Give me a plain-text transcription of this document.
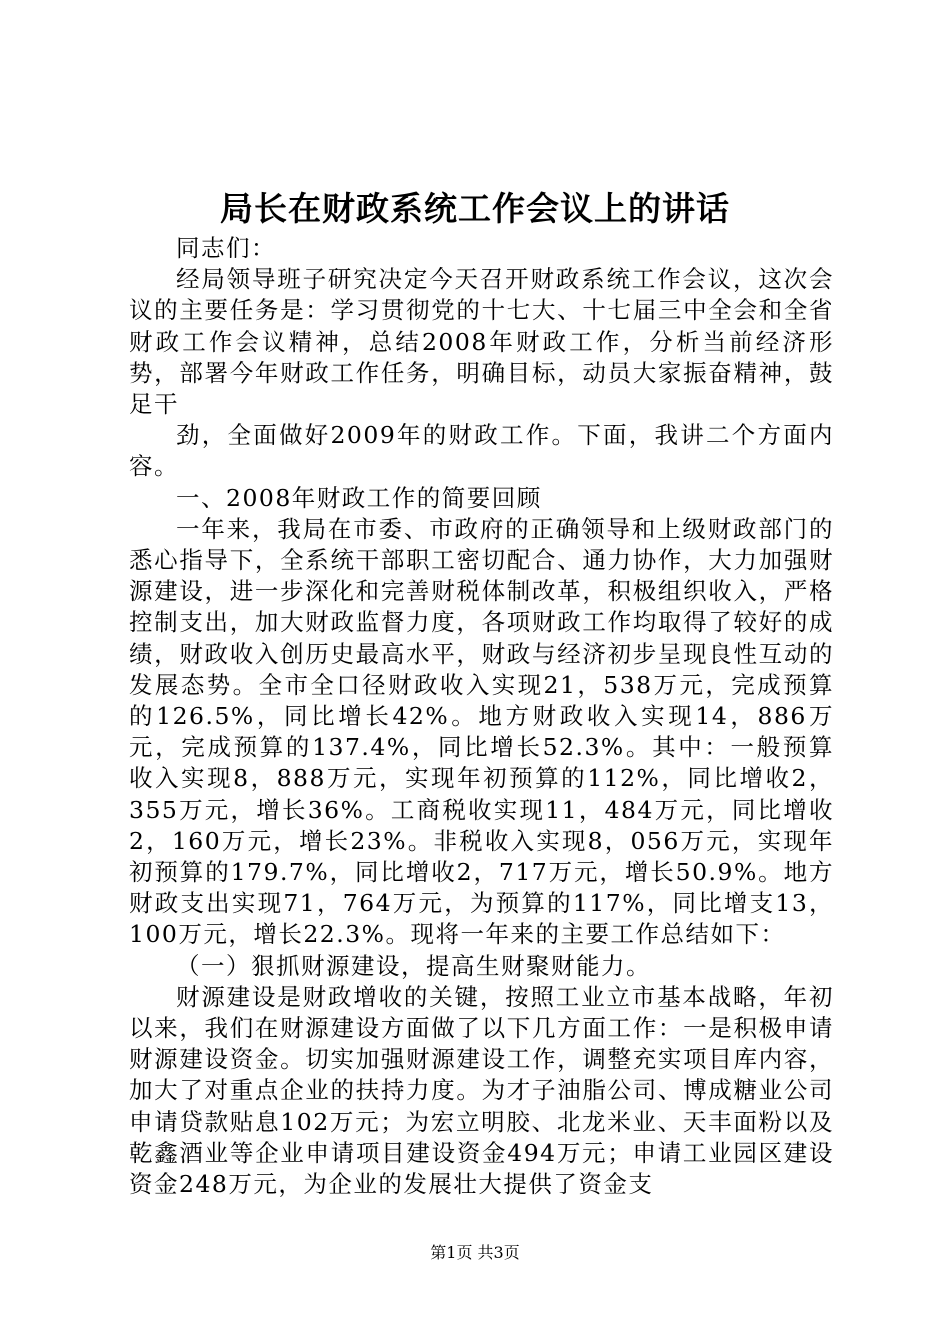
局长在财政系统工作会议上的讲话

同志们：

经局领导班子研究决定今天召开财政系统工作会议，这次会议的主要任务是：学习贯彻党的十七大、十七届三中全会和全省财政工作会议精神，总结2008年财政工作，分析当前经济形势，部署今年财政工作任务，明确目标，动员大家振奋精神，鼓足干

劲，全面做好2009年的财政工作。下面，我讲二个方面内容。

一、2008年财政工作的简要回顾

一年来，我局在市委、市政府的正确领导和上级财政部门的悉心指导下，全系统干部职工密切配合、通力协作，大力加强财源建设，进一步深化和完善财税体制改革，积极组织收入，严格控制支出，加大财政监督力度，各项财政工作均取得了较好的成绩，财政收入创历史最高水平，财政与经济初步呈现良性互动的发展态势。全市全口径财政收入实现21，538万元，完成预算的126.5%，同比增长42%。地方财政收入实现14，886万元，完成预算的137.4%，同比增长52.3%。其中：一般预算收入实现8，888万元，实现年初预算的112%，同比增收2，355万元，增长36%。工商税收实现11，484万元，同比增收2，160万元，增长23%。非税收入实现8，056万元，实现年初预算的179.7%，同比增收2，717万元，增长50.9%。地方财政支出实现71，764万元，为预算的117%，同比增支13，100万元，增长22.3%。现将一年来的主要工作总结如下：

（一）狠抓财源建设，提高生财聚财能力。

财源建设是财政增收的关键，按照工业立市基本战略，年初以来，我们在财源建设方面做了以下几方面工作：一是积极申请财源建设资金。切实加强财源建设工作，调整充实项目库内容，加大了对重点企业的扶持力度。为才子油脂公司、博成糖业公司申请贷款贴息102万元；为宏立明胶、北龙米业、天丰面粉以及乾鑫酒业等企业申请项目建设资金494万元；申请工业园区建设资金248万元，为企业的发展壮大提供了资金支

第1页 共3页
